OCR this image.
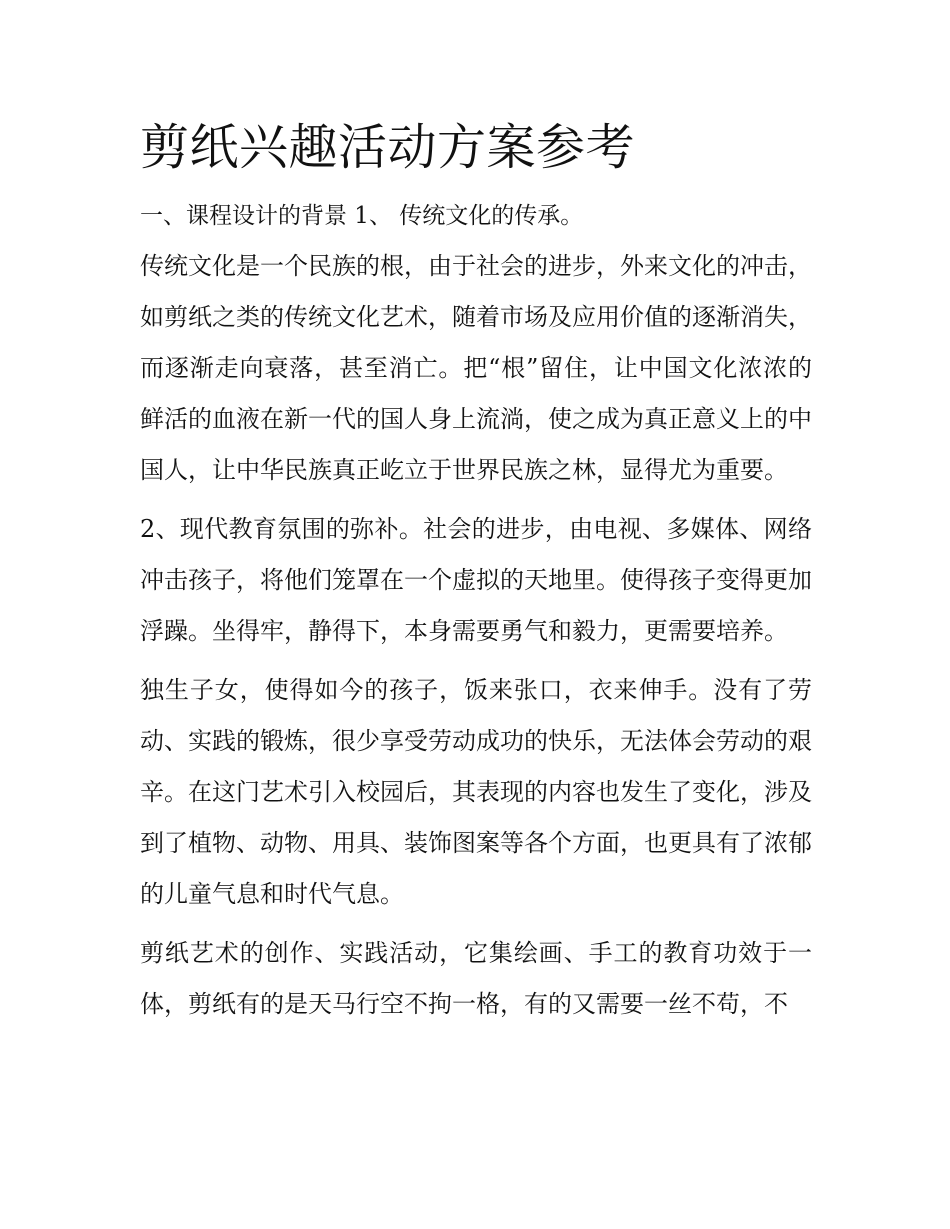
剪纸兴趣活动方案参考

一、课程设计的背景 1、 传统文化的传承。

传统文化是一个民族的根，由于社会的进步，外来文化的冲击，如剪纸之类的传统文化艺术，随着市场及应用价值的逐渐消失，而逐渐走向衰落，甚至消亡。把“根”留住，让中国文化浓浓的鲜活的血液在新一代的国人身上流淌，使之成为真正意义上的中国人，让中华民族真正屹立于世界民族之林，显得尤为重要。

2、现代教育氛围的弥补。社会的进步，由电视、多媒体、网络冲击孩子，将他们笼罩在一个虚拟的天地里。使得孩子变得更加浮躁。坐得牢，静得下，本身需要勇气和毅力，更需要培养。

独生子女，使得如今的孩子，饭来张口，衣来伸手。没有了劳动、实践的锻炼，很少享受劳动成功的快乐，无法体会劳动的艰辛。在这门艺术引入校园后，其表现的内容也发生了变化，涉及到了植物、动物、用具、装饰图案等各个方面，也更具有了浓郁的儿童气息和时代气息。

剪纸艺术的创作、实践活动，它集绘画、手工的教育功效于一体，剪纸有的是天马行空不拘一格，有的又需要一丝不苟，不
